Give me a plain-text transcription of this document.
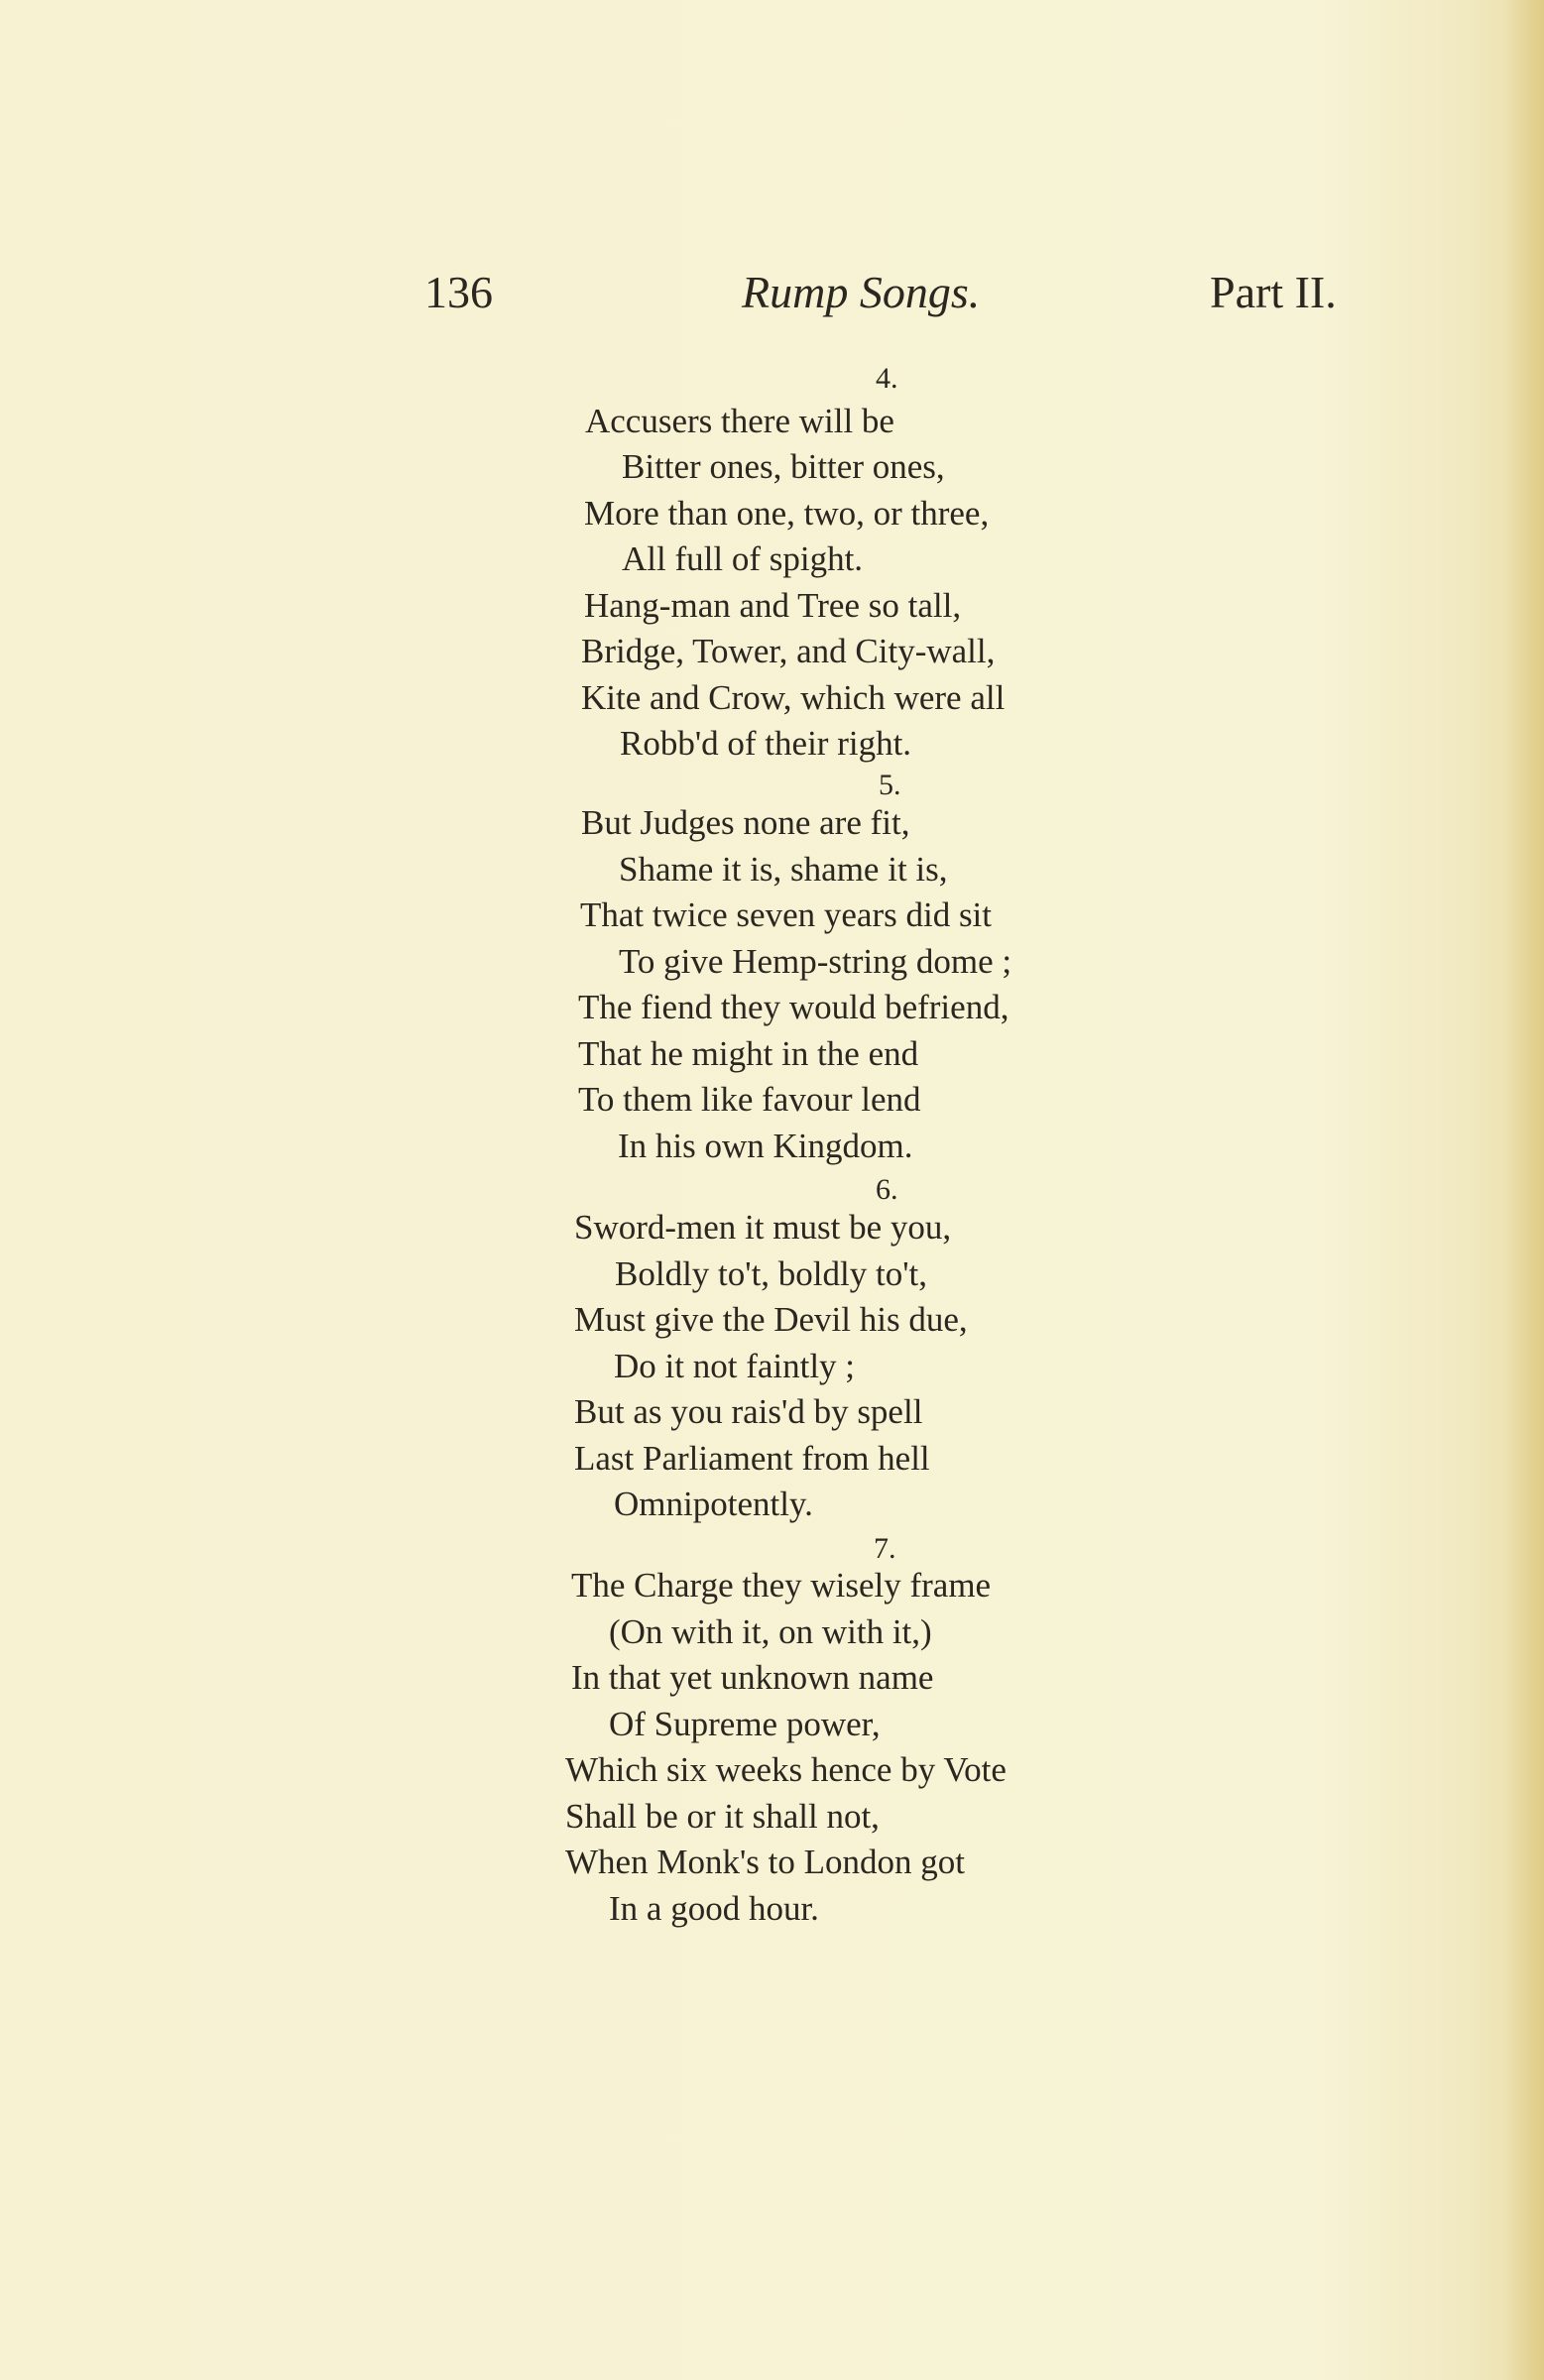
136	Rump Songs.	Part II.
4.
Accusers there will be
Bitter ones, bitter ones,
More than one, two, or three,
All full of spight.
Hang-man and Tree so tall,
Bridge, Tower, and City-wall,
Kite and Crow, which were all
Robb'd of their right.
5.
But Judges none are fit,
Shame it is, shame it is,
That twice seven years did sit
To give Hemp-string dome ;
The fiend they would befriend,
That he might in the end
To them like favour lend
In his own Kingdom.
6.
Sword-men it must be you,
Boldly to't, boldly to't,
Must give the Devil his due,
Do it not faintly ;
But as you rais'd by spell
Last Parliament from hell
Omnipotently.
7.
The Charge they wisely frame
(On with it, on with it,)
In that yet unknown name
Of Supreme power,
Which six weeks hence by Vote
Shall be or it shall not,
When Monk's to London got
In a good hour.
